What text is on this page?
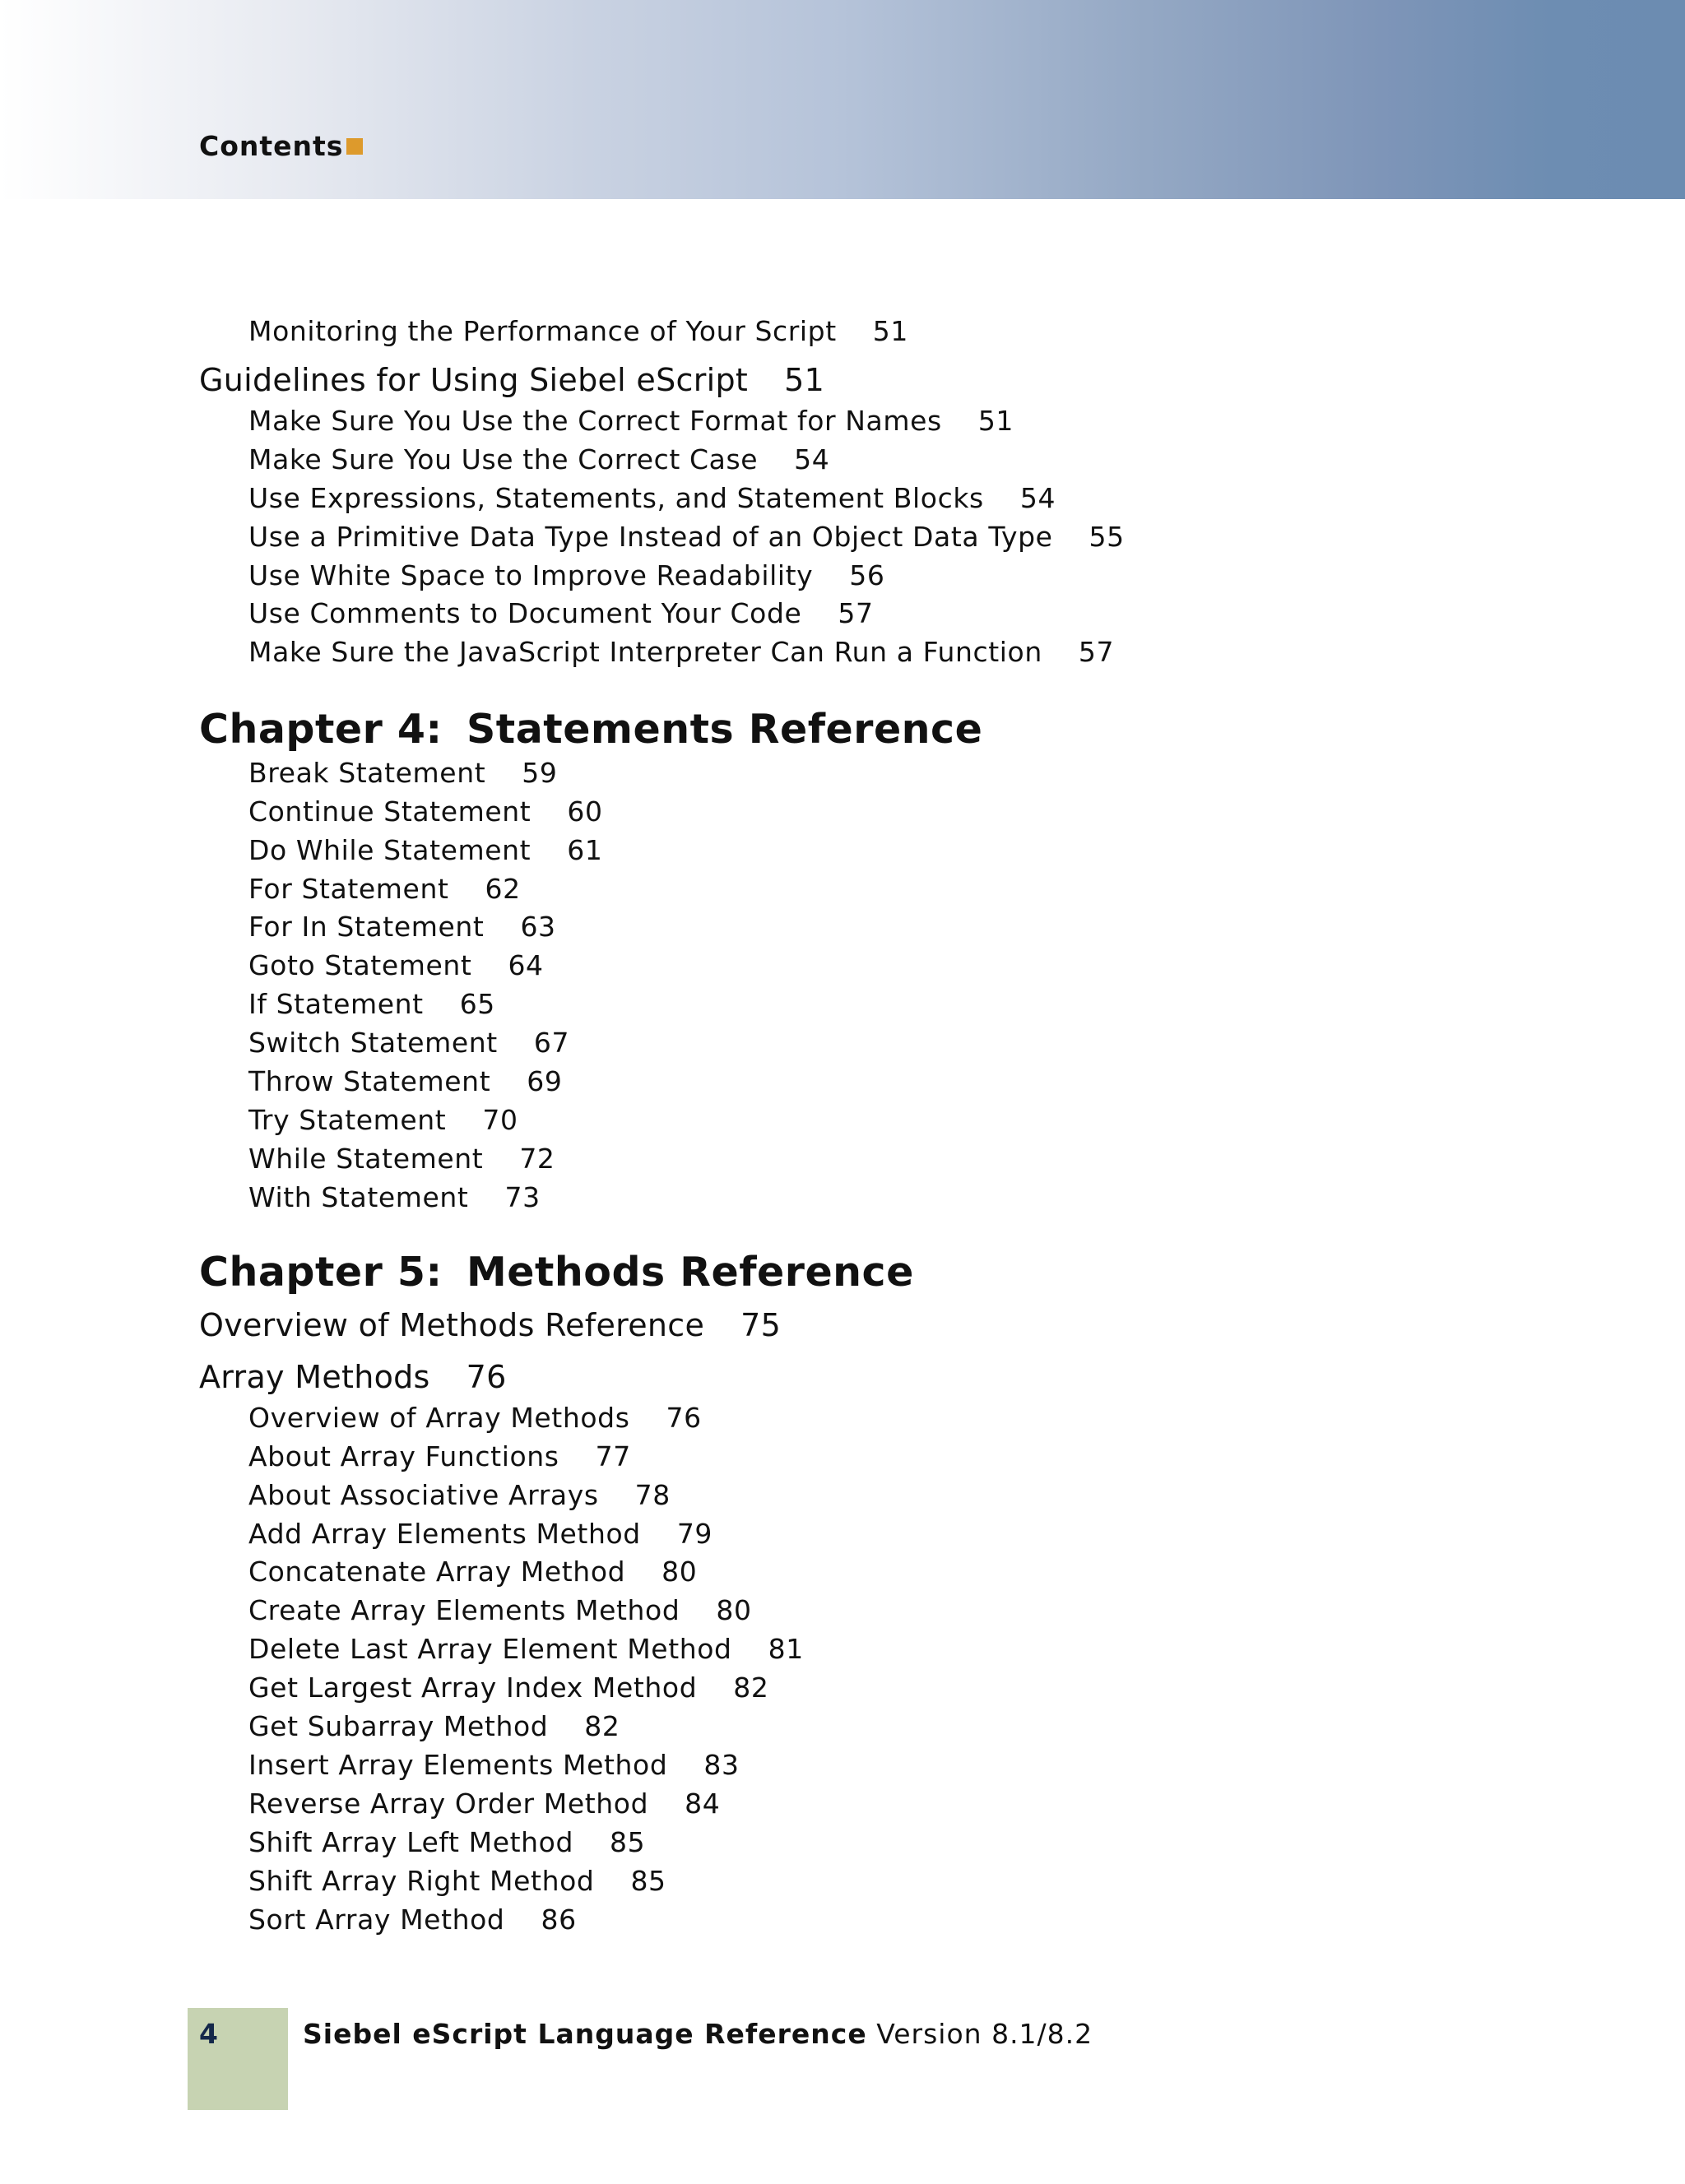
Contents
Monitoring the Performance of Your Script 51
Guidelines for Using Siebel eScript 51
Make Sure You Use the Correct Format for Names 51
Make Sure You Use the Correct Case 54
Use Expressions, Statements, and Statement Blocks 54
Use a Primitive Data Type Instead of an Object Data Type 55
Use White Space to Improve Readability 56
Use Comments to Document Your Code 57
Make Sure the JavaScript Interpreter Can Run a Function 57
Chapter 4: Statements Reference
Break Statement 59
Continue Statement 60
Do While Statement 61
For Statement 62
For In Statement 63
Goto Statement 64
If Statement 65
Switch Statement 67
Throw Statement 69
Try Statement 70
While Statement 72
With Statement 73
Chapter 5: Methods Reference
Overview of Methods Reference 75
Array Methods 76
Overview of Array Methods 76
About Array Functions 77
About Associative Arrays 78
Add Array Elements Method 79
Concatenate Array Method 80
Create Array Elements Method 80
Delete Last Array Element Method 81
Get Largest Array Index Method 82
Get Subarray Method 82
Insert Array Elements Method 83
Reverse Array Order Method 84
Shift Array Left Method 85
Shift Array Right Method 85
Sort Array Method 86
4	Siebel eScript Language Reference Version 8.1/8.2
